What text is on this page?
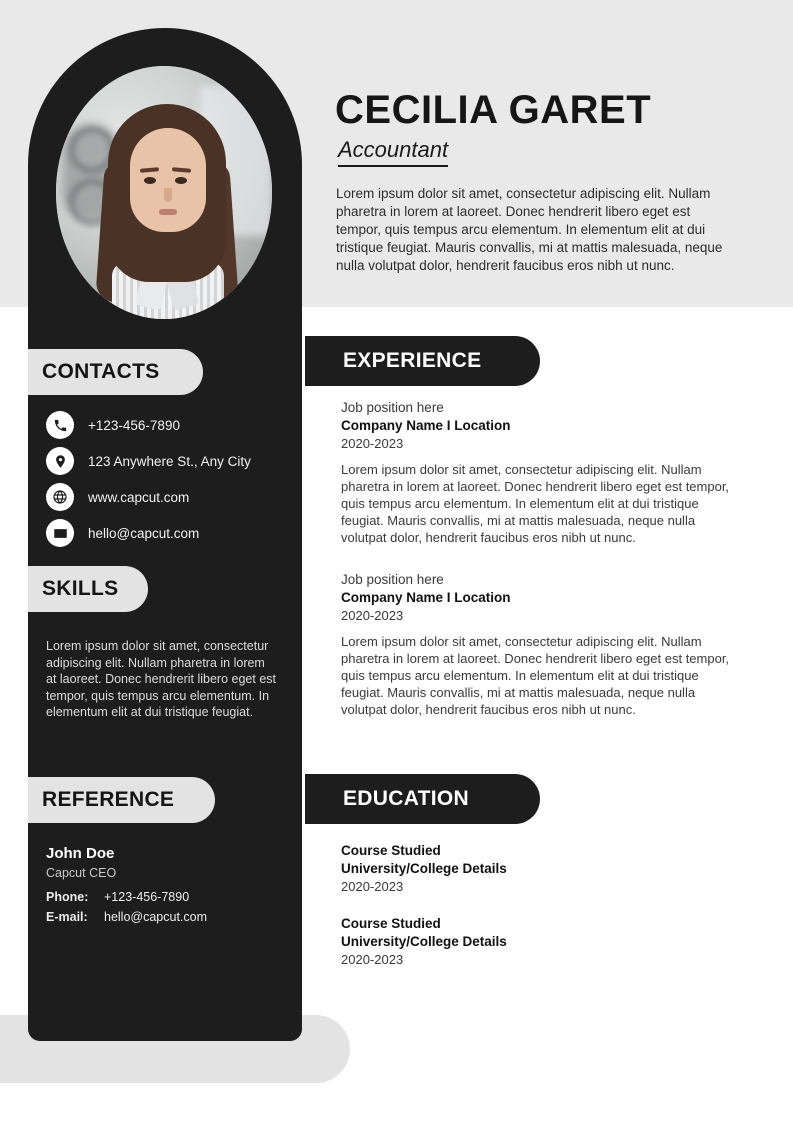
CECILIA GARET
Accountant
Lorem ipsum dolor sit amet, consectetur adipiscing elit. Nullam pharetra in lorem at laoreet. Donec hendrerit libero eget est tempor, quis tempus arcu elementum. In elementum elit at dui tristique feugiat. Mauris convallis, mi at mattis malesuada, neque nulla volutpat dolor, hendrerit faucibus eros nibh ut nunc.
CONTACTS
+123-456-7890
123 Anywhere St., Any City
www.capcut.com
hello@capcut.com
SKILLS
Lorem ipsum dolor sit amet, consectetur adipiscing elit. Nullam pharetra in lorem at laoreet. Donec hendrerit libero eget est tempor, quis tempus arcu elementum. In elementum elit at dui tristique feugiat.
REFERENCE
John Doe
Capcut CEO
Phone:	+123-456-7890
E-mail:	hello@capcut.com
EXPERIENCE
Job position here
Company Name I Location
2020-2023
Lorem ipsum dolor sit amet, consectetur adipiscing elit. Nullam pharetra in lorem at laoreet. Donec hendrerit libero eget est tempor, quis tempus arcu elementum. In elementum elit at dui tristique feugiat. Mauris convallis, mi at mattis malesuada, neque nulla volutpat dolor, hendrerit faucibus eros nibh ut nunc.
Job position here
Company Name I Location
2020-2023
Lorem ipsum dolor sit amet, consectetur adipiscing elit. Nullam pharetra in lorem at laoreet. Donec hendrerit libero eget est tempor, quis tempus arcu elementum. In elementum elit at dui tristique feugiat. Mauris convallis, mi at mattis malesuada, neque nulla volutpat dolor, hendrerit faucibus eros nibh ut nunc.
EDUCATION
Course Studied
University/College Details
2020-2023
Course Studied
University/College Details
2020-2023
